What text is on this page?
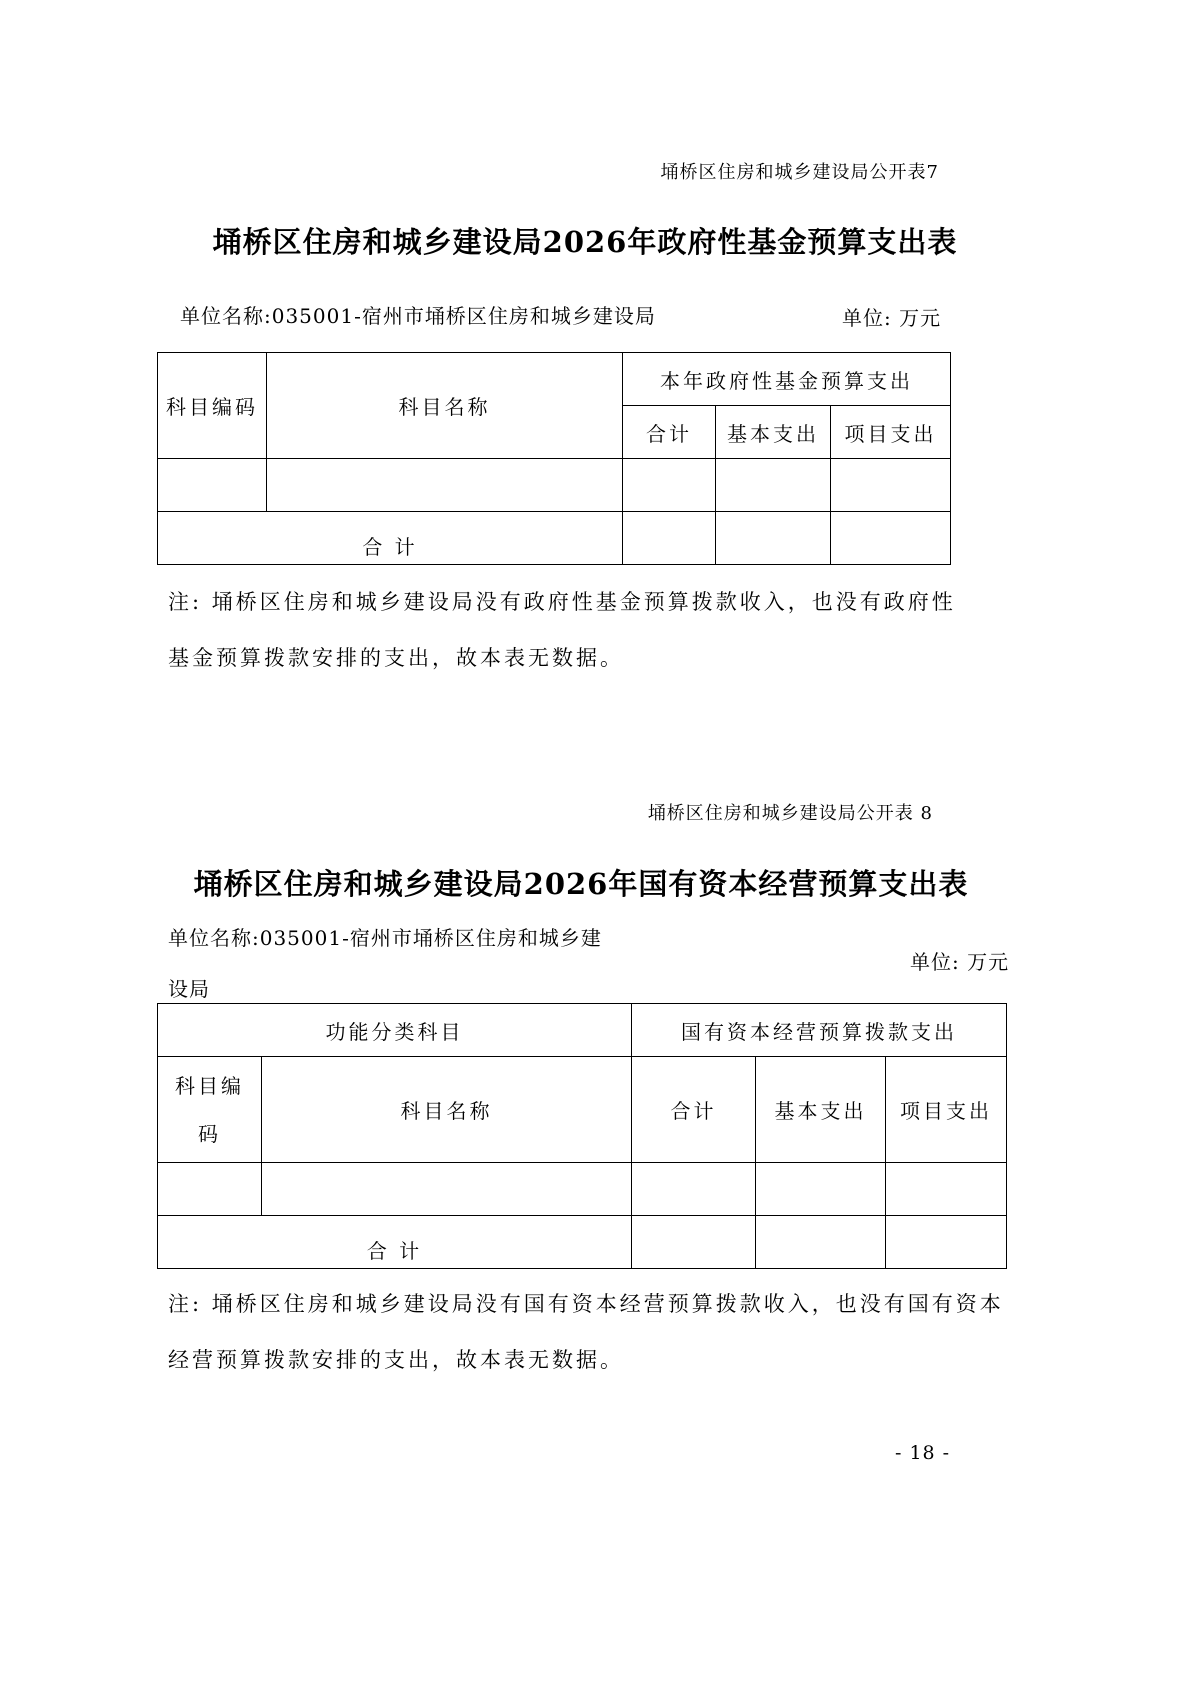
埇桥区住房和城乡建设局公开表7
埇桥区住房和城乡建设局2026年政府性基金预算支出表
单位名称:035001-宿州市埇桥区住房和城乡建设局	单位: 万元
科目编码	科目名称	本年政府性基金预算支出		
		合计	基本支出	项目支出

合 计				
注: 埇桥区住房和城乡建设局没有政府性基金预算拨款收入，也没有政府性
基金预算拨款安排的支出，故本表无数据。
埇桥区住房和城乡建设局公开表 8
埇桥区住房和城乡建设局2026年国有资本经营预算支出表
单位名称:035001-宿州市埇桥区住房和城乡建
单位: 万元
设局
功能分类科目		国有资本经营预算拨款支出		

科目编
码	科目名称	合计	基本支出	项目支出

合 计				
注: 埇桥区住房和城乡建设局没有国有资本经营预算拨款收入，也没有国有资本
经营预算拨款安排的支出，故本表无数据。
- 18 -
